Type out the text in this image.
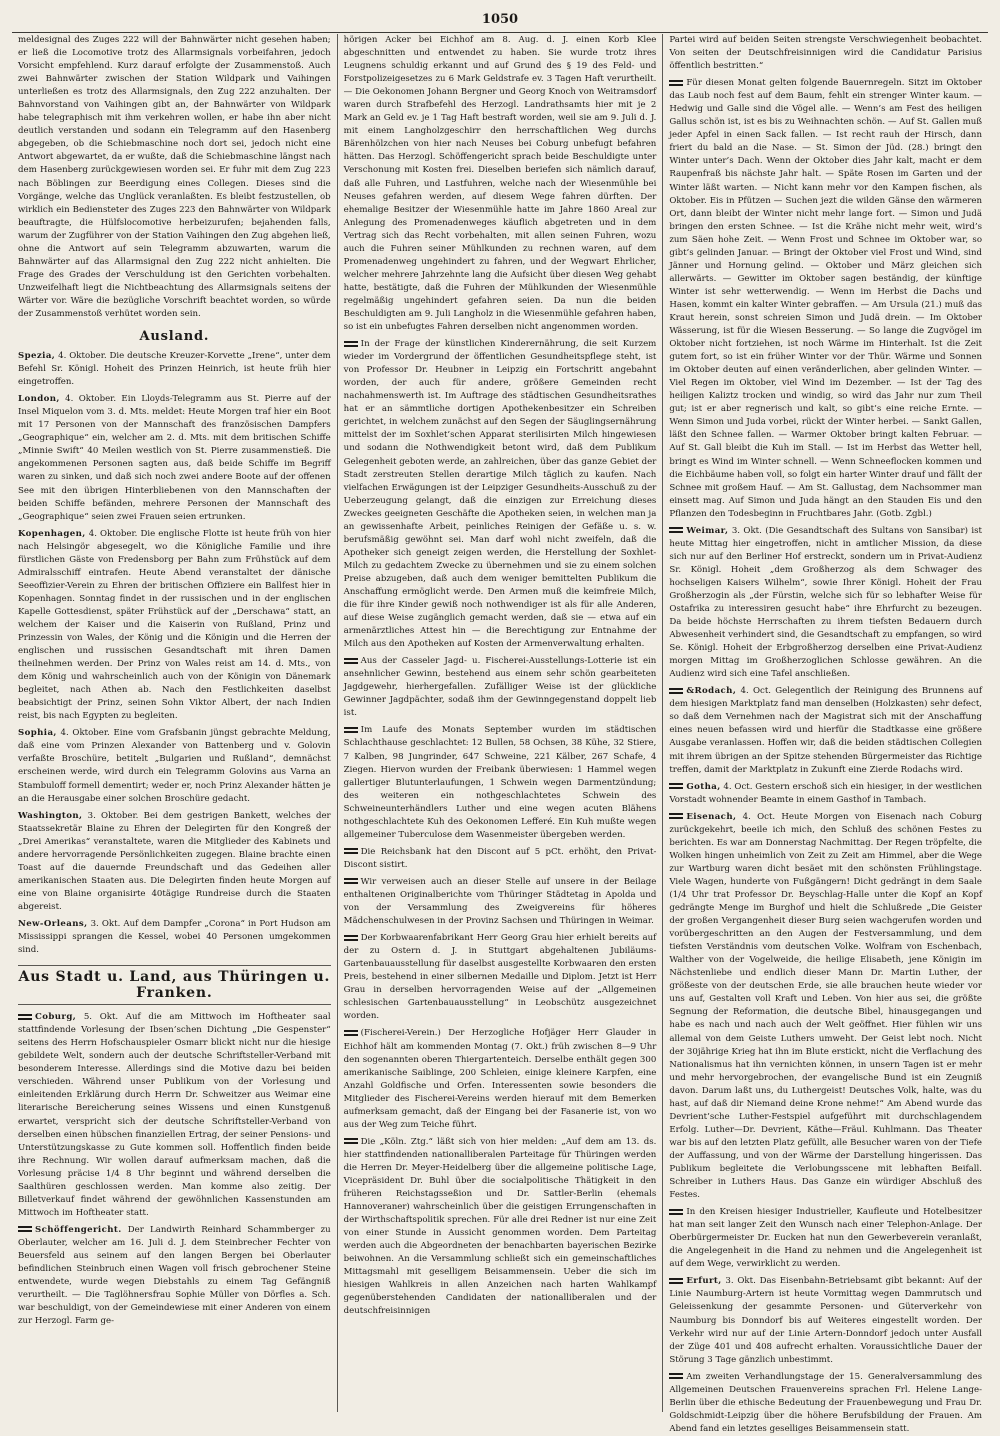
1050

meldesignal des Zuges 222 will der Bahnwärter nicht gesehen haben; er ließ die Locomotive trotz des Allarmsignals vorbeifahren, jedoch Vorsicht empfehlend. Kurz darauf erfolgte der Zusammenstoß. Auch zwei Bahnwärter zwischen der Station Wildpark und Vaihingen unterließen es trotz des Allarmsignals, den Zug 222 anzuhalten. Der Bahnvorstand von Vaihingen gibt an, der Bahnwärter von Wildpark habe telegraphisch mit ihm verkehren wollen, er habe ihn aber nicht deutlich verstanden und sodann ein Telegramm auf den Hasenberg abgegeben, ob die Schiebmaschine noch dort sei, jedoch nicht eine Antwort abgewartet, da er wußte, daß die Schiebmaschine längst nach dem Hasenberg zurückgewiesen worden sei. Er fuhr mit dem Zug 223 nach Böblingen zur Beerdigung eines Collegen. Dieses sind die Vorgänge, welche das Unglück veranlaßten. Es bleibt festzustellen, ob wirklich ein Bediensteter des Zuges 223 den Bahnwärter von Wildpark beauftragte, die Hülfslocomotive herbeizurufen; bejahenden falls, warum der Zugführer von der Station Vaihingen den Zug abgehen ließ, ohne die Antwort auf sein Telegramm abzuwarten, warum die Bahnwärter auf das Allarmsignal den Zug 222 nicht anhielten. Die Frage des Grades der Verschuldung ist den Gerichten vorbehalten. Unzweifelhaft liegt die Nichtbeachtung des Allarmsignals seitens der Wärter vor. Wäre die bezügliche Vorschrift beachtet worden, so würde der Zusammenstoß verhütet worden sein.

Ausland.

Spezia, 4. Oktober. Die deutsche Kreuzer-Korvette „Irene“, unter dem Befehl Sr. Königl. Hoheit des Prinzen Heinrich, ist heute früh hier eingetroffen.

London, 4. Oktober. Ein Lloyds-Telegramm aus St. Pierre auf der Insel Miquelon vom 3. d. Mts. meldet: Heute Morgen traf hier ein Boot mit 17 Personen von der Mannschaft des französischen Dampfers „Geographique“ ein, welcher am 2. d. Mts. mit dem britischen Schiffe „Minnie Swift“ 40 Meilen westlich von St. Pierre zusammenstieß. Die angekommenen Personen sagten aus, daß beide Schiffe im Begriff waren zu sinken, und daß sich noch zwei andere Boote auf der offenen See mit den übrigen Hinterbliebenen von den Mannschaften der beiden Schiffe befänden, mehrere Personen der Mannschaft des „Geographique“ seien zwei Frauen seien ertrunken.

Kopenhagen, 4. Oktober. Die englische Flotte ist heute früh von hier nach Helsingör abgesegelt, wo die Königliche Familie und ihre fürstlichen Gäste von Fredensborg per Bahn zum Frühstück auf dem Admiralsschiff eintrafen. Heute Abend veranstaltet der dänische Seeoffizier-Verein zu Ehren der britischen Offiziere ein Ballfest hier in Kopenhagen. Sonntag findet in der russischen und in der englischen Kapelle Gottesdienst, später Frühstück auf der „Derschawa“ statt, an welchem der Kaiser und die Kaiserin von Rußland, Prinz und Prinzessin von Wales, der König und die Königin und die Herren der englischen und russischen Gesandtschaft mit ihren Damen theilnehmen werden. Der Prinz von Wales reist am 14. d. Mts., von dem König und wahrscheinlich auch von der Königin von Dänemark begleitet, nach Athen ab. Nach den Festlichkeiten daselbst beabsichtigt der Prinz, seinen Sohn Viktor Albert, der nach Indien reist, bis nach Egypten zu begleiten.

Sophia, 4. Oktober. Eine vom Grafsbanin jüngst gebrachte Meldung, daß eine vom Prinzen Alexander von Battenberg und v. Golovin verfaßte Broschüre, betitelt „Bulgarien und Rußland“, demnächst erscheinen werde, wird durch ein Telegramm Golovins aus Varna an Stambuloff formell dementirt; weder er, noch Prinz Alexander hätten je an die Herausgabe einer solchen Broschüre gedacht.

Washington, 3. Oktober. Bei dem gestrigen Bankett, welches der Staatssekretär Blaine zu Ehren der Delegirten für den Kongreß der „Drei Amerikas“ veranstaltete, waren die Mitglieder des Kabinets und andere hervorragende Persönlichkeiten zugegen. Blaine brachte einen Toast auf die dauernde Freundschaft und das Gedeihen aller amerikanischen Staaten aus. Die Delegirten finden heute Morgen auf eine von Blaine organisirte 40tägige Rundreise durch die Staaten abgereist.

New-Orleans, 3. Okt. Auf dem Dampfer „Corona“ in Port Hudson am Mississippi sprangen die Kessel, wobei 40 Personen umgekommen sind.

Aus Stadt u. Land, aus Thüringen u. Franken.

Coburg, 5. Okt. Auf die am Mittwoch im Hoftheater saal stattfindende Vorlesung der Ibsen’schen Dichtung „Die Gespenster“ seitens des Herrn Hofschauspieler Osmarr blickt nicht nur die hiesige gebildete Welt, sondern auch der deutsche Schriftsteller-Verband mit besonderem Interesse. Allerdings sind die Motive dazu bei beiden verschieden. Während unser Publikum von der Vorlesung und einleitenden Erklärung durch Herrn Dr. Schweitzer aus Weimar eine literarische Bereicherung seines Wissens und einen Kunstgenuß erwartet, verspricht sich der deutsche Schriftsteller-Verband von derselben einen hübschen finanziellen Ertrag, der seiner Pensions- und Unterstützungskasse zu Gute kommen soll. Hoffentlich finden beide ihre Rechnung. Wir wollen darauf aufmerksam machen, daß die Vorlesung präcise 1/4 8 Uhr beginnt und während derselben die Saalthüren geschlossen werden. Man komme also zeitig. Der Billetverkauf findet während der gewöhnlichen Kassenstunden am Mittwoch im Hoftheater statt.

Schöffengericht. Der Landwirth Reinhard Schammberger zu Oberlauter, welcher am 16. Juli d. J. dem Steinbrecher Fechter von Beuersfeld aus seinem auf den langen Bergen bei Oberlauter befindlichen Steinbruch einen Wagen voll frisch gebrochener Steine entwendete, wurde wegen Diebstahls zu einem Tag Gefängniß verurtheilt. — Die Taglöhnersfrau Sophie Müller von Dörfles a. Sch. war beschuldigt, von der Gemeindewiese mit einer Anderen von einem zur Herzogl. Farm ge-

hörigen Acker bei Eichhof am 8. Aug. d. J. einen Korb Klee abgeschnitten und entwendet zu haben. Sie wurde trotz ihres Leugnens schuldig erkannt und auf Grund des § 19 des Feld- und Forstpolizeigesetzes zu 6 Mark Geldstrafe ev. 3 Tagen Haft verurtheilt. — Die Oekonomen Johann Bergner und Georg Knoch von Weitramsdorf waren durch Strafbefehl des Herzogl. Landrathsamts hier mit je 2 Mark an Geld ev. je 1 Tag Haft bestraft worden, weil sie am 9. Juli d. J. mit einem Langholzgeschirr den herrschaftlichen Weg durchs Bärenhölzchen von hier nach Neuses bei Coburg unbefugt befahren hätten. Das Herzogl. Schöffengericht sprach beide Beschuldigte unter Verschonung mit Kosten frei. Dieselben beriefen sich nämlich darauf, daß alle Fuhren, und Lastfuhren, welche nach der Wiesenmühle bei Neuses gefahren werden, auf diesem Wege fahren dürften. Der ehemalige Besitzer der Wiesenmühle hatte im Jahre 1860 Areal zur Anlegung des Promenadenweges käuflich abgetreten und in dem Vertrag sich das Recht vorbehalten, mit allen seinen Fuhren, wozu auch die Fuhren seiner Mühlkunden zu rechnen waren, auf dem Promenadenweg ungehindert zu fahren, und der Wegwart Ehrlicher, welcher mehrere Jahrzehnte lang die Aufsicht über diesen Weg gehabt hatte, bestätigte, daß die Fuhren der Mühlkunden der Wiesenmühle regelmäßig ungehindert gefahren seien. Da nun die beiden Beschuldigten am 9. Juli Langholz in die Wiesenmühle gefahren haben, so ist ein unbefugtes Fahren derselben nicht angenommen worden.

In der Frage der künstlichen Kinderernährung, die seit Kurzem wieder im Vordergrund der öffentlichen Gesundheitspflege steht, ist von Professor Dr. Heubner in Leipzig ein Fortschritt angebahnt worden, der auch für andere, größere Gemeinden recht nachahmenswerth ist. Im Auftrage des städtischen Gesundheitsrathes hat er an sämmtliche dortigen Apothekenbesitzer ein Schreiben gerichtet, in welchem zunächst auf den Segen der Säuglingsernährung mittelst der im Soxhlet’schen Apparat sterilisirten Milch hingewiesen und sodann die Nothwendigkeit betont wird, daß dem Publikum Gelegenheit geboten werde, an zahlreichen, über das ganze Gebiet der Stadt zerstreuten Stellen derartige Milch täglich zu kaufen. Nach vielfachen Erwägungen ist der Leipziger Gesundheits-Ausschuß zu der Ueberzeugung gelangt, daß die einzigen zur Erreichung dieses Zweckes geeigneten Geschäfte die Apotheken seien, in welchen man ja an gewissenhafte Arbeit, peinliches Reinigen der Gefäße u. s. w. berufsmäßig gewöhnt sei. Man darf wohl nicht zweifeln, daß die Apotheker sich geneigt zeigen werden, die Herstellung der Soxhlet-Milch zu gedachtem Zwecke zu übernehmen und sie zu einem solchen Preise abzugeben, daß auch dem weniger bemittelten Publikum die Anschaffung ermöglicht werde. Den Armen muß die keimfreie Milch, die für ihre Kinder gewiß noch nothwendiger ist als für alle Anderen, auf diese Weise zugänglich gemacht werden, daß sie — etwa auf ein armenärztliches Attest hin — die Berechtigung zur Entnahme der Milch aus den Apotheken auf Kosten der Armenverwaltung erhalten.

Aus der Casseler Jagd- u. Fischerei-Ausstellungs-Lotterie ist ein ansehnlicher Gewinn, bestehend aus einem sehr schön gearbeiteten Jagdgewehr, hierhergefallen. Zufälliger Weise ist der glückliche Gewinner Jagdpächter, sodaß ihm der Gewinngegenstand doppelt lieb ist.

Im Laufe des Monats September wurden im städtischen Schlachthause geschlachtet: 12 Bullen, 58 Ochsen, 38 Kühe, 32 Stiere, 7 Kalben, 98 Jungrinder, 647 Schweine, 221 Kälber, 267 Schafe, 4 Ziegen. Hiervon wurden der Freibank überwiesen: 1 Hammel wegen gallertiger Blutunterlaufungen, 1 Schwein wegen Darmentzündung; des weiteren ein nothgeschlachtetes Schwein des Schweineunterhändlers Luther und eine wegen acuten Blähens nothgeschlachtete Kuh des Oekonomen Lefferé. Ein Kuh mußte wegen allgemeiner Tuberculose dem Wasenmeister übergeben werden.

Die Reichsbank hat den Discont auf 5 pCt. erhöht, den Privat-Discont sistirt.

Wir verweisen auch an dieser Stelle auf unsere in der Beilage enthaltenen Originalberichte vom Thüringer Städtetag in Apolda und von der Versammlung des Zweigvereins für höheres Mädchenschulwesen in der Provinz Sachsen und Thüringen in Weimar.

Der Korbwaarenfabrikant Herr Georg Grau hier erhielt bereits auf der zu Ostern d. J. in Stuttgart abgehaltenen Jubiläums-Gartenbauausstellung für daselbst ausgestellte Korbwaaren den ersten Preis, bestehend in einer silbernen Medaille und Diplom. Jetzt ist Herr Grau in derselben hervorragenden Weise auf der „Allgemeinen schlesischen Gartenbauausstellung“ in Leobschütz ausgezeichnet worden.

(Fischerei-Verein.) Der Herzogliche Hofjäger Herr Glauder in Eichhof hält am kommenden Montag (7. Okt.) früh zwischen 8—9 Uhr den sogenannten oberen Thiergartenteich. Derselbe enthält gegen 300 amerikanische Saiblinge, 200 Schleien, einige kleinere Karpfen, eine Anzahl Goldfische und Orfen. Interessenten sowie besonders die Mitglieder des Fischerei-Vereins werden hierauf mit dem Bemerken aufmerksam gemacht, daß der Eingang bei der Fasanerie ist, von wo aus der Weg zum Teiche führt.

Die „Köln. Ztg.“ läßt sich von hier melden: „Auf dem am 13. ds. hier stattfindenden nationalliberalen Parteitage für Thüringen werden die Herren Dr. Meyer-Heidelberg über die allgemeine politische Lage, Vicepräsident Dr. Buhl über die socialpolitische Thätigkeit in den früheren Reichstagsseßion und Dr. Sattler-Berlin (ehemals Hannoveraner) wahrscheinlich über die geistigen Errungenschaften in der Wirthschaftspolitik sprechen. Für alle drei Redner ist nur eine Zeit von einer Stunde in Aussicht genommen worden. Dem Parteitag werden auch die Abgeordneten der benachbarten bayerischen Bezirke beiwohnen. An die Versammlung schließt sich ein gemeinschaftliches Mittagsmahl mit geselligem Beisammensein. Ueber die sich im hiesigen Wahlkreis in allen Anzeichen nach harten Wahlkampf gegenüberstehenden Candidaten der nationalliberalen und der deutschfreisinnigen

Partei wird auf beiden Seiten strengste Verschwiegenheit beobachtet. Von seiten der Deutschfreisinnigen wird die Candidatur Parisius öffentlich bestritten.“

Für diesen Monat gelten folgende Bauernregeln. Sitzt im Oktober das Laub noch fest auf dem Baum, fehlt ein strenger Winter kaum. — Hedwig und Galle sind die Vögel alle. — Wenn’s am Fest des heiligen Gallus schön ist, ist es bis zu Weihnachten schön. — Auf St. Gallen muß jeder Apfel in einen Sack fallen. — Ist recht rauh der Hirsch, dann friert du bald an die Nase. — St. Simon der Jüd. (28.) bringt den Winter unter’s Dach. Wenn der Oktober dies Jahr kalt, macht er dem Raupenfraß bis nächste Jahr halt. — Späte Rosen im Garten und der Winter läßt warten. — Nicht kann mehr vor den Kampen fischen, als Oktober. Eis in Pfützen — Suchen jezt die wilden Gänse den wärmeren Ort, dann bleibt der Winter nicht mehr lange fort. — Simon und Judä bringen den ersten Schnee. — Ist die Krähe nicht mehr weit, wird’s zum Säen hohe Zeit. — Wenn Frost und Schnee im Oktober war, so gibt’s gelinden Januar. — Bringt der Oktober viel Frost und Wind, sind Jänner und Hornung gelind. — Oktober und März gleichen sich allerwärts. — Gewitter im Oktober sagen beständig, der künftige Winter ist sehr wetterwendig. — Wenn im Herbst die Dachs und Hasen, kommt ein kalter Winter gebraffen. — Am Ursula (21.) muß das Kraut herein, sonst schreien Simon und Judä drein. — Im Oktober Wässerung, ist für die Wiesen Besserung. — So lange die Zugvögel im Oktober nicht fortziehen, ist noch Wärme im Hinterhalt. Ist die Zeit gutem fort, so ist ein früher Winter vor der Thür. Wärme und Sonnen im Oktober deuten auf einen veränderlichen, aber gelinden Winter. — Viel Regen im Oktober, viel Wind im Dezember. — Ist der Tag des heiligen Kaliztz trocken und windig, so wird das Jahr nur zum Theil gut; ist er aber regnerisch und kalt, so gibt’s eine reiche Ernte. — Wenn Simon und Juda vorbei, rückt der Winter herbei. — Sankt Gallen, läßt den Schnee fallen. — Warmer Oktober bringt kalten Februar. — Auf St. Gall bleibt die Kuh im Stall. — Ist im Herbst das Wetter hell, bringt es Wind im Winter schnell. — Wenn Schneeflocken kommen und die Eichbäume haben voll, so folgt ein harter Winter drauf und fällt der Schnee mit großem Hauf. — Am St. Gallustag, dem Nachsommer man einsett mag. Auf Simon und Juda hängt an den Stauden Eis und den Pflanzen den Todesbeginn in Fruchtbares Jahr. (Gotb. Zgbl.)

Weimar, 3. Okt. (Die Gesandtschaft des Sultans von Sansibar) ist heute Mittag hier eingetroffen, nicht in amtlicher Mission, da diese sich nur auf den Berliner Hof erstreckt, sondern um in Privat-Audienz Sr. Königl. Hoheit „dem Großherzog als dem Schwager des hochseligen Kaisers Wilhelm“, sowie Ihrer Königl. Hoheit der Frau Großherzogin als „der Fürstin, welche sich für so lebhafter Weise für Ostafrika zu interessiren gesucht habe“ ihre Ehrfurcht zu bezeugen. Da beide höchste Herrschaften zu ihrem tiefsten Bedauern durch Abwesenheit verhindert sind, die Gesandtschaft zu empfangen, so wird Se. Königl. Hoheit der Erbgroßherzog derselben eine Privat-Audienz morgen Mittag im Großherzoglichen Schlosse gewähren. An die Audienz wird sich eine Tafel anschließen.

&Rodach, 4. Oct. Gelegentlich der Reinigung des Brunnens auf dem hiesigen Marktplatz fand man denselben (Holzkasten) sehr defect, so daß dem Vernehmen nach der Magistrat sich mit der Anschaffung eines neuen befassen wird und hierfür die Stadtkasse eine größere Ausgabe veranlassen. Hoffen wir, daß die beiden städtischen Collegien mit ihrem übrigen an der Spitze stehenden Bürgermeister das Richtige treffen, damit der Marktplatz in Zukunft eine Zierde Rodachs wird.

Gotha, 4. Oct. Gestern erschoß sich ein hiesiger, in der westlichen Vorstadt wohnender Beamte in einem Gasthof in Tambach.

Eisenach, 4. Oct. Heute Morgen von Eisenach nach Coburg zurückgekehrt, beeile ich mich, den Schluß des schönen Festes zu berichten. Es war am Donnerstag Nachmittag. Der Regen tröpfelte, die Wolken hingen unheimlich von Zeit zu Zeit am Himmel, aber die Wege zur Wartburg waren dicht besäet mit den schönsten Frühlingstage. Viele Wagen, hunderte von Fußgängern! Dicht gedrängt in dem Saale (1/4 Uhr trat Professor Dr. Beyschlag-Halle unter die Kopf an Kopf gedrängte Menge im Burghof und hielt die Schlußrede „Die Geister der großen Vergangenheit dieser Burg seien wachgerufen worden und vorübergeschritten an den Augen der Festversammlung, und dem tiefsten Verständnis vom deutschen Volke. Wolfram von Eschenbach, Walther von der Vogelweide, die heilige Elisabeth, jene Königin im Nächstenliebe und endlich dieser Mann Dr. Martin Luther, der größeste von der deutschen Erde, sie alle brauchen heute wieder vor uns auf, Gestalten voll Kraft und Leben. Von hier aus sei, die größte Segnung der Reformation, die deutsche Bibel, hinausgegangen und habe es nach und nach auch der Welt geöffnet. Hier fühlen wir uns allemal von dem Geiste Luthers umweht. Der Geist lebt noch. Nicht der 30jährige Krieg hat ihn im Blute erstickt, nicht die Verflachung des Nationalismus hat ihn vernichten können, in unsern Tagen ist er mehr und mehr hervorgebrochen, der evangelische Bund ist ein Zeugniß davon. Darum laßt uns, du Luthergeist! Deutsches Volk, halte, was du hast, auf daß dir Niemand deine Krone nehme!“ Am Abend wurde das Devrient’sche Luther-Festspiel aufgeführt mit durchschlagendem Erfolg. Luther—Dr. Devrient, Käthe—Fräul. Kuhlmann. Das Theater war bis auf den letzten Platz gefüllt, alle Besucher waren von der Tiefe der Auffassung, und von der Wärme der Darstellung hingerissen. Das Publikum begleitete die Verlobungsscene mit lebhaften Beifall. Schreiber in Luthers Haus. Das Ganze ein würdiger Abschluß des Festes.

In den Kreisen hiesiger Industrieller, Kaufleute und Hotelbesitzer hat man seit langer Zeit den Wunsch nach einer Telephon-Anlage. Der Oberbürgermeister Dr. Eucken hat nun den Gewerbeverein veranlaßt, die Angelegenheit in die Hand zu nehmen und die Angelegenheit ist auf dem Wege, verwirklicht zu werden.

Erfurt, 3. Okt. Das Eisenbahn-Betriebsamt gibt bekannt: Auf der Linie Naumburg-Artern ist heute Vormittag wegen Dammrutsch und Geleissenkung der gesammte Personen- und Güterverkehr von Naumburg bis Donndorf bis auf Weiteres eingestellt worden. Der Verkehr wird nur auf der Linie Artern-Donndorf jedoch unter Ausfall der Züge 401 und 408 aufrecht erhalten. Voraussichtliche Dauer der Störung 3 Tage gänzlich unbestimmt.

Am zweiten Verhandlungstage der 15. Generalversammlung des Allgemeinen Deutschen Frauenvereins sprachen Frl. Helene Lange-Berlin über die ethische Bedeutung der Frauenbewegung und Frau Dr. Goldschmidt-Leipzig über die höhere Berufsbildung der Frauen. Am Abend fand ein letztes geselliges Beisammensein statt.
